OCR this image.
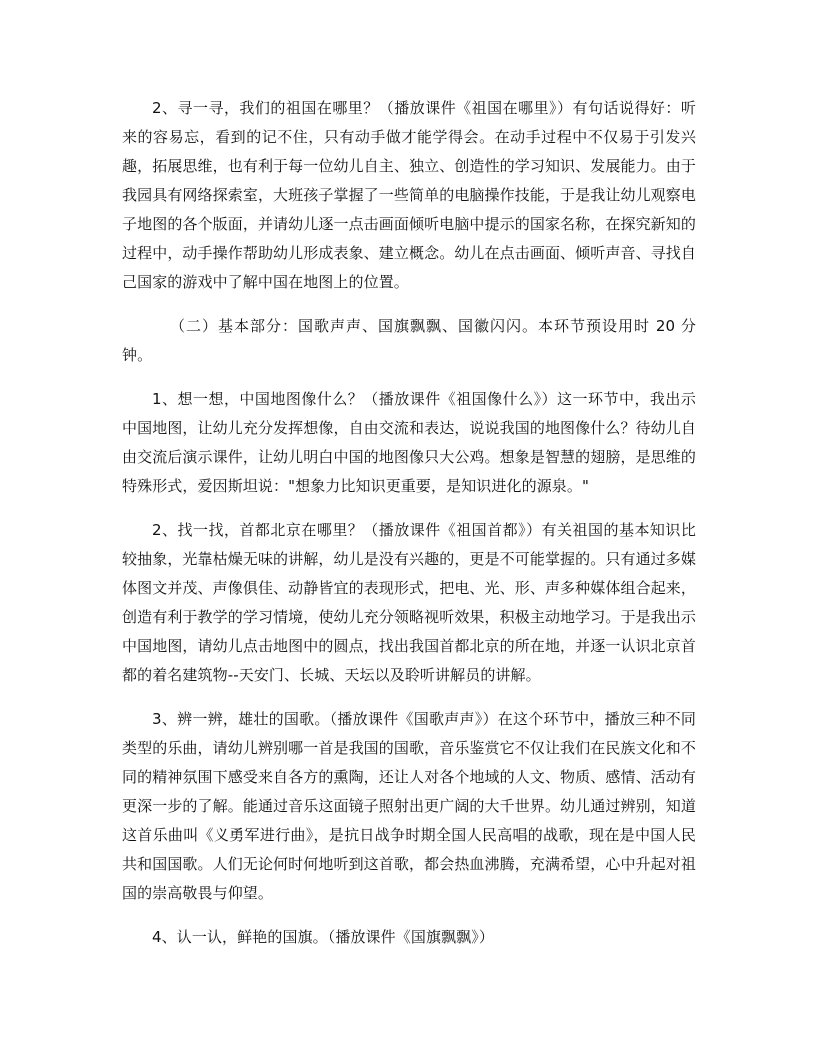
2、寻一寻，我们的祖国在哪里？（播放课件《祖国在哪里》）有句话说得好：听来的容易忘，看到的记不住，只有动手做才能学得会。在动手过程中不仅易于引发兴趣，拓展思维，也有利于每一位幼儿自主、独立、创造性的学习知识、发展能力。由于我园具有网络探索室，大班孩子掌握了一些简单的电脑操作技能，于是我让幼儿观察电子地图的各个版面，并请幼儿逐一点击画面倾听电脑中提示的国家名称，在探究新知的过程中，动手操作帮助幼儿形成表象、建立概念。幼儿在点击画面、倾听声音、寻找自己国家的游戏中了解中国在地图上的位置。

（二）基本部分：国歌声声、国旗飘飘、国徽闪闪。本环节预设用时 20 分钟。

1、想一想，中国地图像什么？（播放课件《祖国像什么》）这一环节中，我出示中国地图，让幼儿充分发挥想像，自由交流和表达，说说我国的地图像什么？待幼儿自由交流后演示课件，让幼儿明白中国的地图像只大公鸡。想象是智慧的翅膀，是思维的特殊形式，爱因斯坦说："想象力比知识更重要，是知识进化的源泉。"

2、找一找，首都北京在哪里？（播放课件《祖国首都》）有关祖国的基本知识比较抽象，光靠枯燥无味的讲解，幼儿是没有兴趣的，更是不可能掌握的。只有通过多媒体图文并茂、声像俱佳、动静皆宜的表现形式，把电、光、形、声多种媒体组合起来，创造有利于教学的学习情境，使幼儿充分领略视听效果，积极主动地学习。于是我出示中国地图，请幼儿点击地图中的圆点，找出我国首都北京的所在地，并逐一认识北京首都的着名建筑物--天安门、长城、天坛以及聆听讲解员的讲解。

3、辨一辨，雄壮的国歌。（播放课件《国歌声声》）在这个环节中，播放三种不同类型的乐曲，请幼儿辨别哪一首是我国的国歌，音乐鉴赏它不仅让我们在民族文化和不同的精神氛围下感受来自各方的熏陶，还让人对各个地域的人文、物质、感情、活动有更深一步的了解。能通过音乐这面镜子照射出更广阔的大千世界。幼儿通过辨别，知道这首乐曲叫《义勇军进行曲》，是抗日战争时期全国人民高唱的战歌，现在是中国人民共和国国歌。人们无论何时何地听到这首歌，都会热血沸腾，充满希望，心中升起对祖国的崇高敬畏与仰望。

4、认一认，鲜艳的国旗。（播放课件《国旗飘飘》）
